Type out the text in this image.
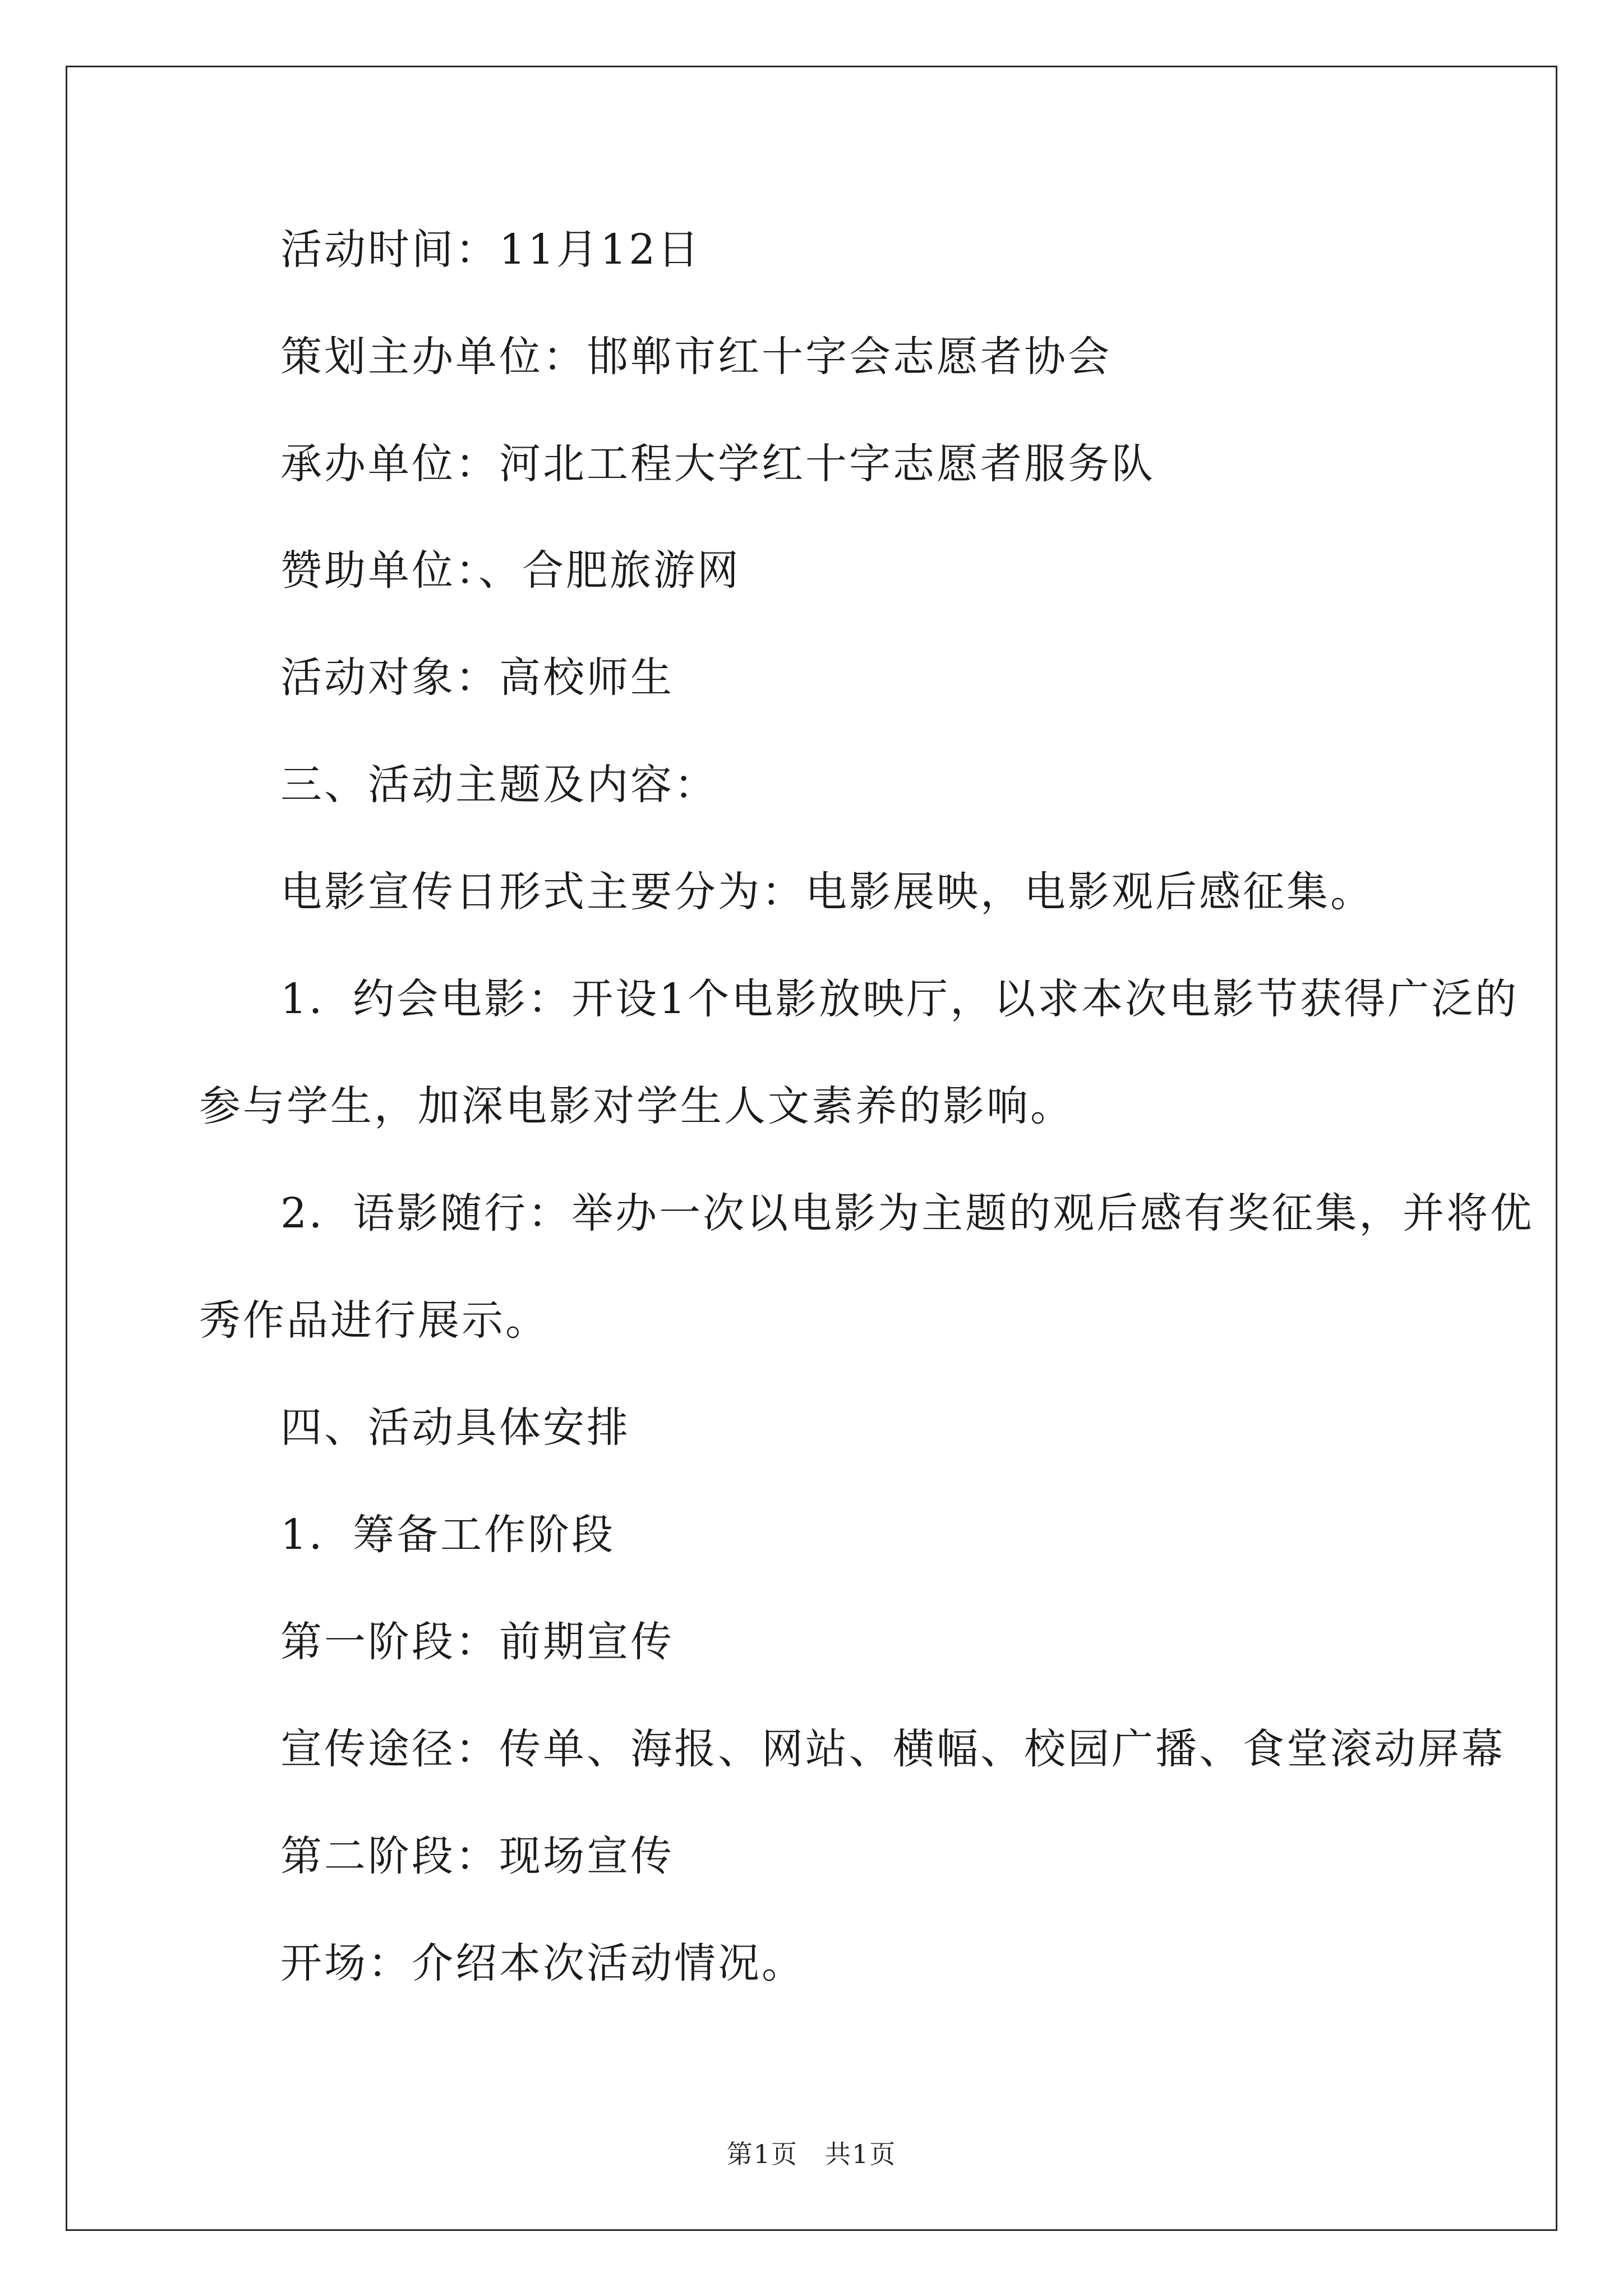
活动时间：11月12日
策划主办单位：邯郸市红十字会志愿者协会
承办单位：河北工程大学红十字志愿者服务队
赞助单位：、合肥旅游网
活动对象：高校师生
三、活动主题及内容：
电影宣传日形式主要分为：电影展映，电影观后感征集。
1．约会电影：开设1个电影放映厅，以求本次电影节获得广泛的
参与学生，加深电影对学生人文素养的影响。
2．语影随行：举办一次以电影为主题的观后感有奖征集，并将优
秀作品进行展示。
四、活动具体安排
1．筹备工作阶段
第一阶段：前期宣传
宣传途径：传单、海报、网站、横幅、校园广播、食堂滚动屏幕
第二阶段：现场宣传
开场：介绍本次活动情况。
第1页　共1页
